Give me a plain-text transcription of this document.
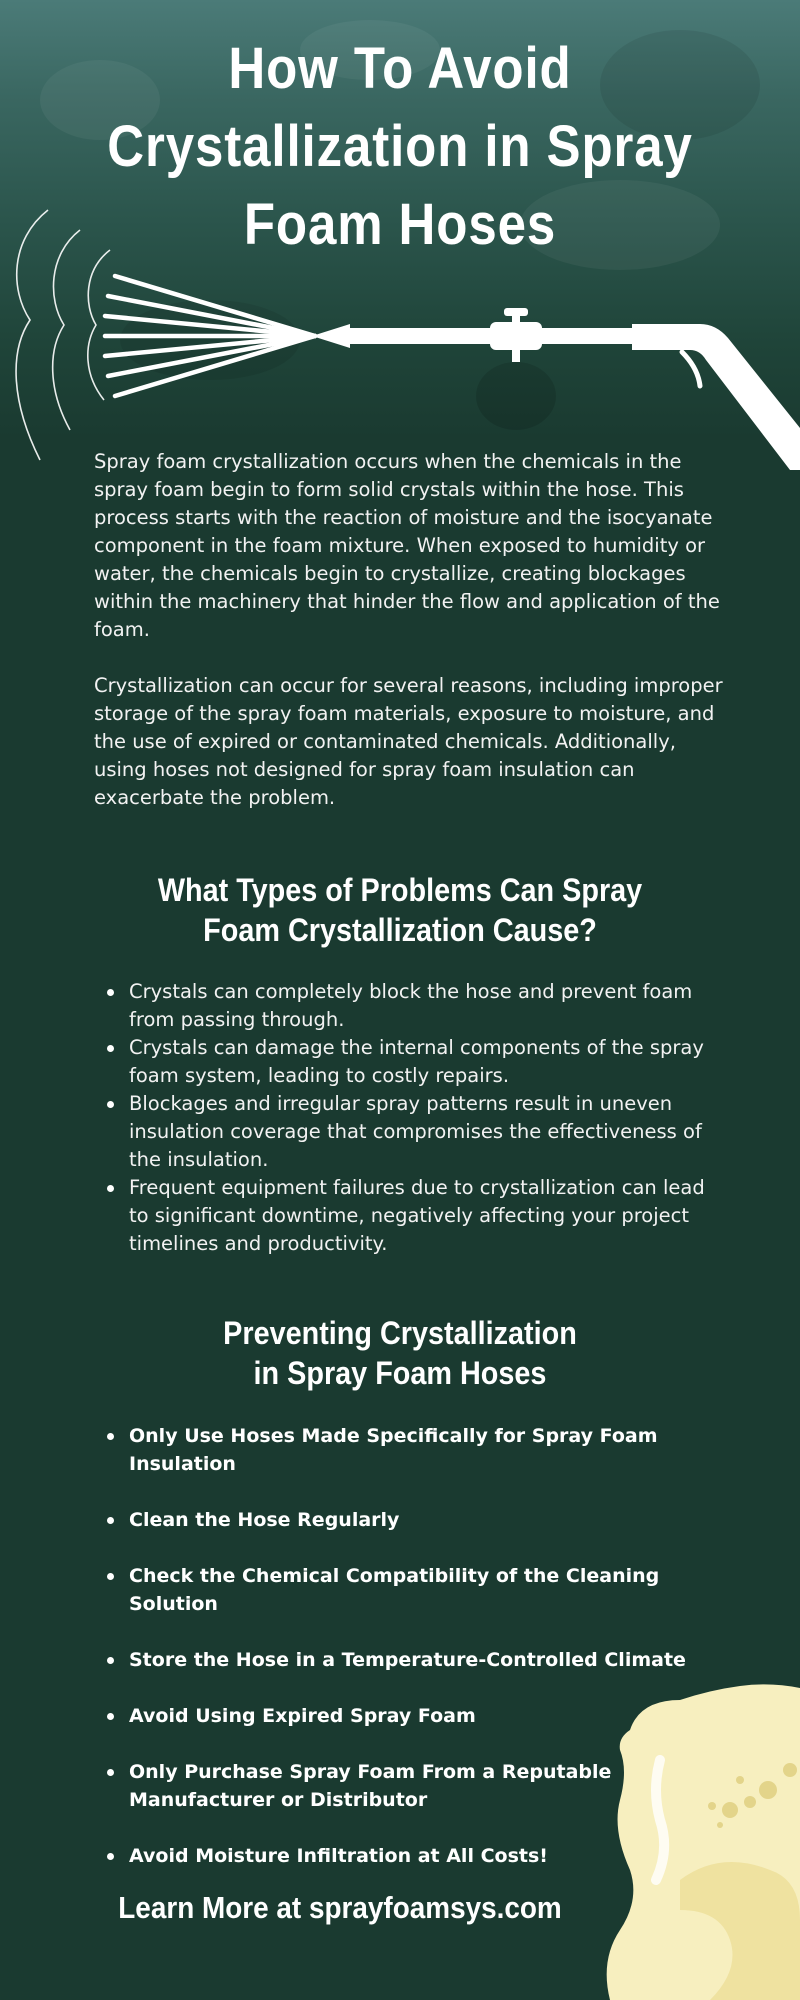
How To Avoid
Crystallization in Spray
Foam Hoses

Spray foam crystallization occurs when the chemicals in the spray foam begin to form solid crystals within the hose. This process starts with the reaction of moisture and the isocyanate component in the foam mixture. When exposed to humidity or water, the chemicals begin to crystallize, creating blockages within the machinery that hinder the flow and application of the foam.

Crystallization can occur for several reasons, including improper storage of the spray foam materials, exposure to moisture, and the use of expired or contaminated chemicals. Additionally, using hoses not designed for spray foam insulation can exacerbate the problem.

What Types of Problems Can Spray
Foam Crystallization Cause?
Crystals can completely block the hose and prevent foam from passing through.
Crystals can damage the internal components of the spray foam system, leading to costly repairs.
Blockages and irregular spray patterns result in uneven insulation coverage that compromises the effectiveness of the insulation.
Frequent equipment failures due to crystallization can lead to significant downtime, negatively affecting your project timelines and productivity.
Preventing Crystallization
in Spray Foam Hoses
Only Use Hoses Made Specifically for Spray Foam Insulation
Clean the Hose Regularly
Check the Chemical Compatibility of the Cleaning Solution
Store the Hose in a Temperature-Controlled Climate
Avoid Using Expired Spray Foam
Only Purchase Spray Foam From a Reputable Manufacturer or Distributor
Avoid Moisture Infiltration at All Costs!
Learn More at sprayfoamsys.com
